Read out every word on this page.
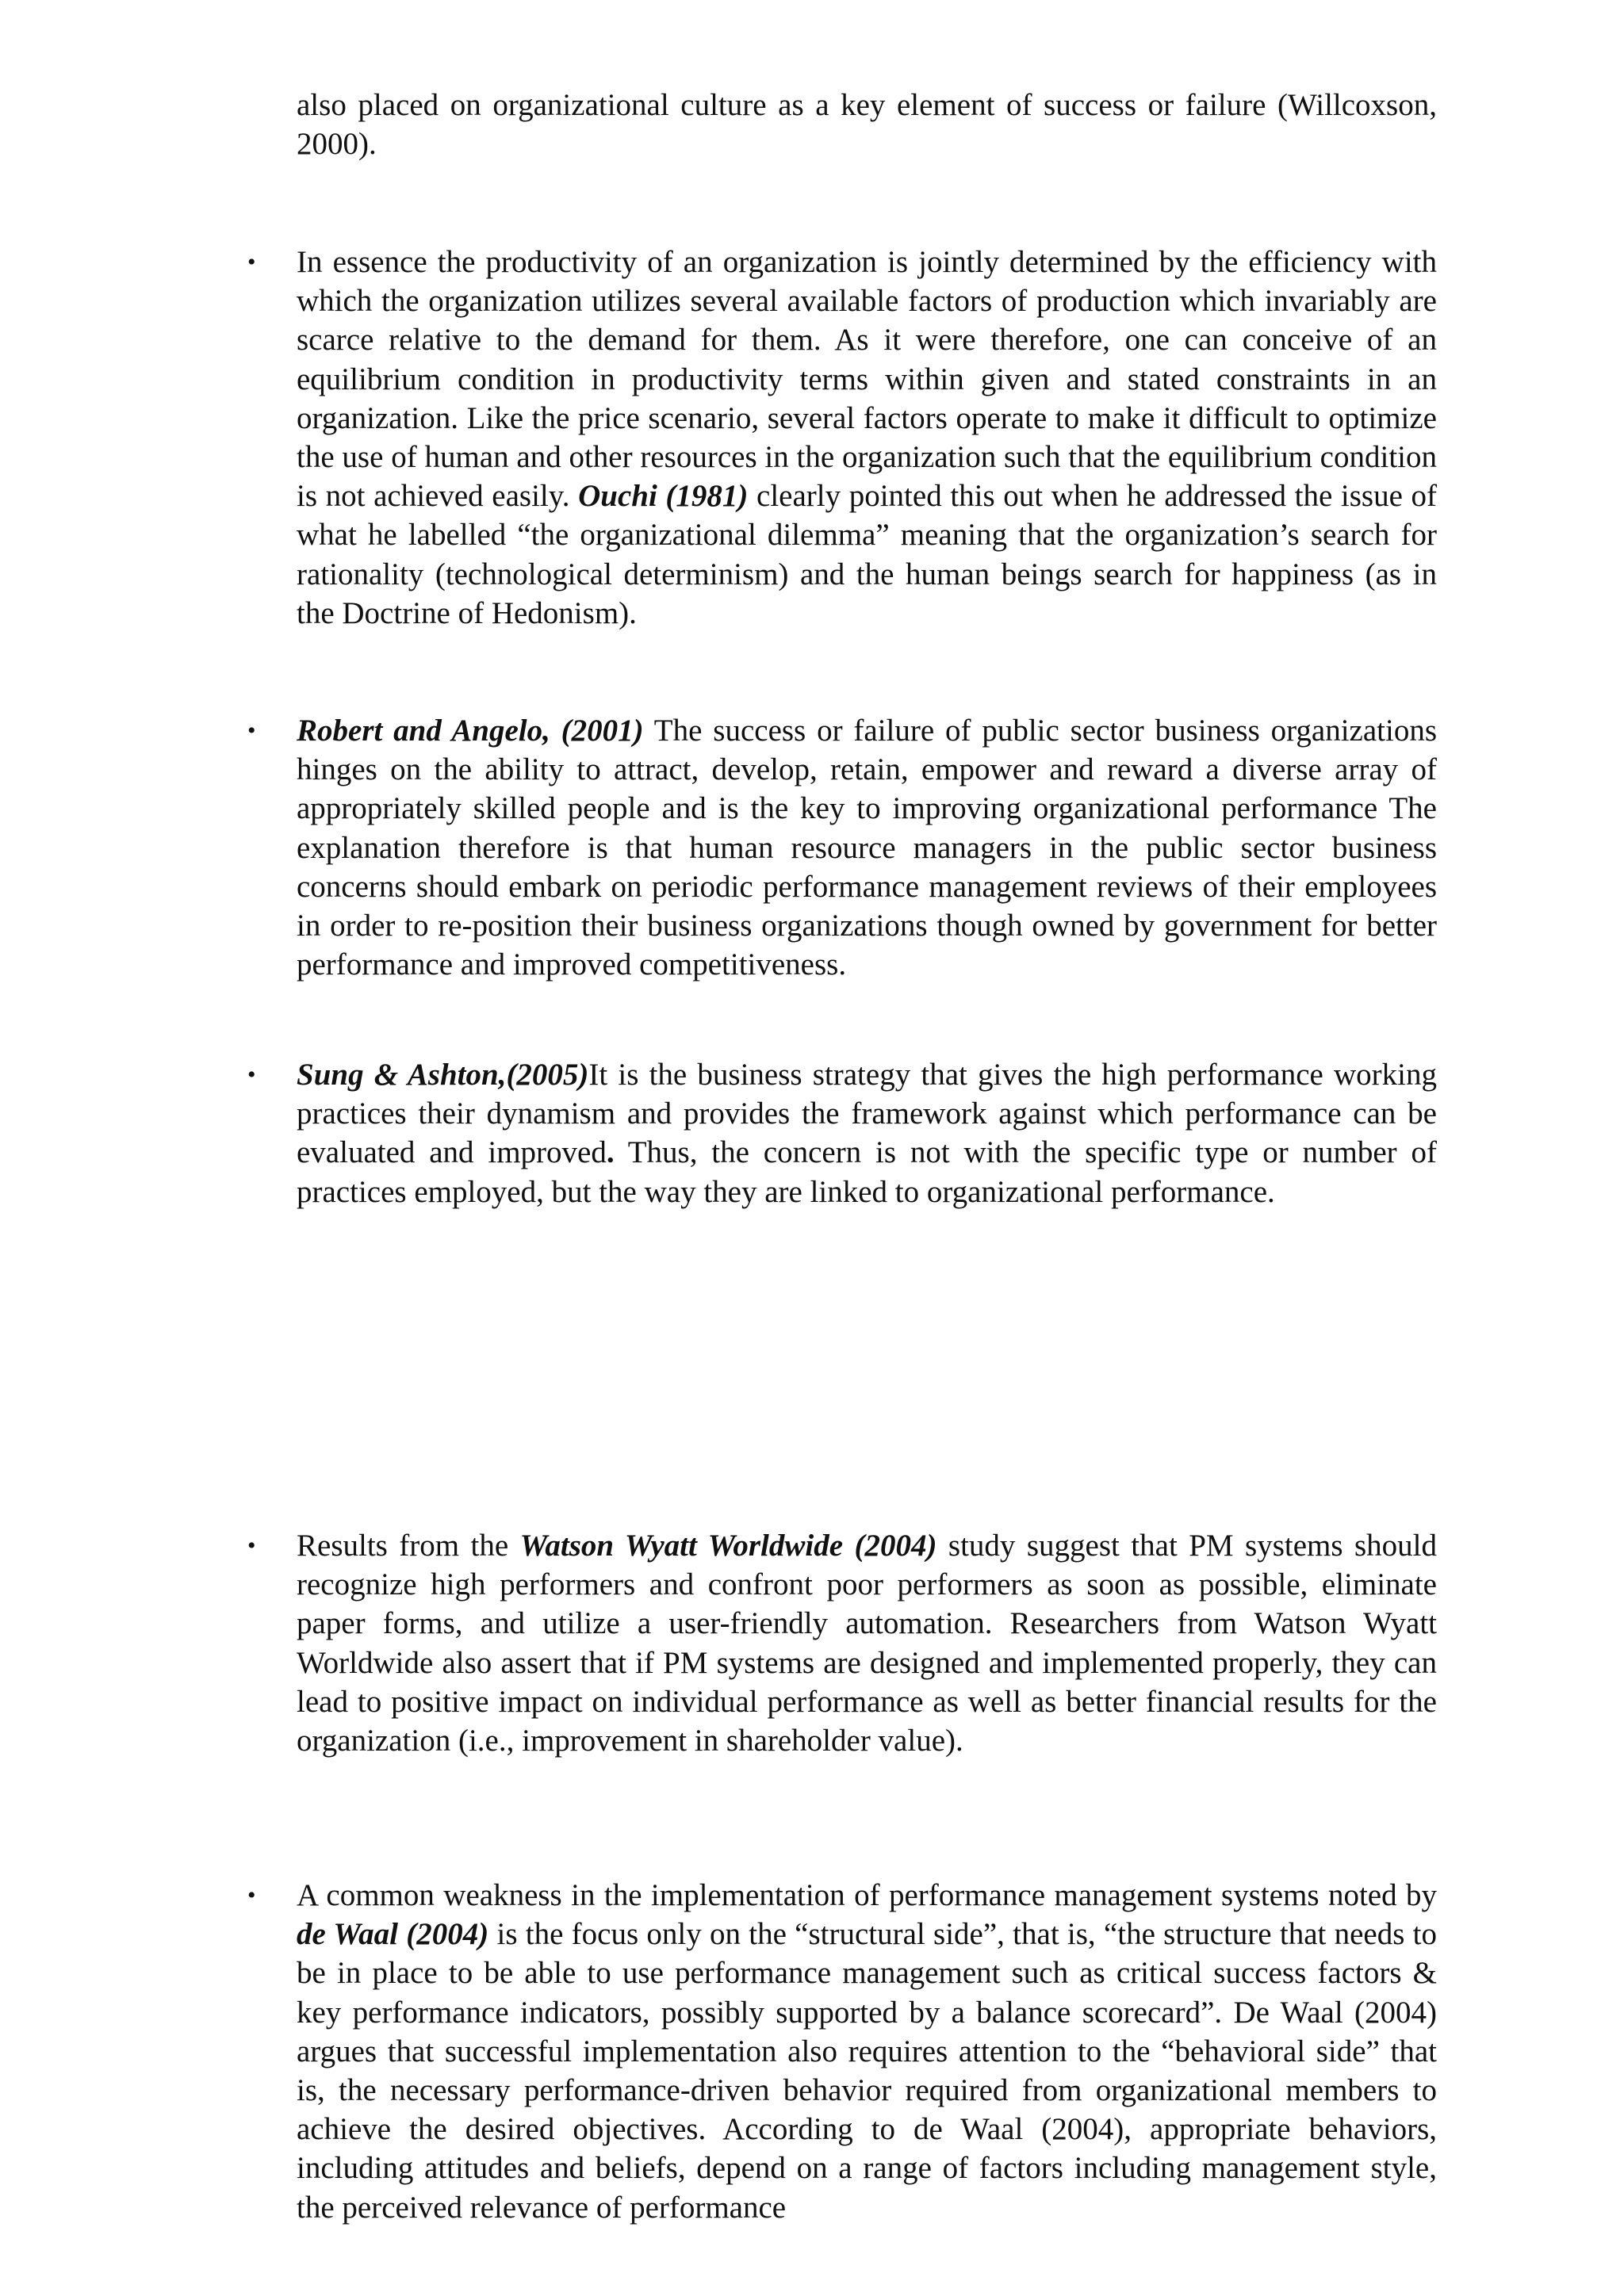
also placed on organizational culture as a key element of success or failure (Willcoxson, 2000).

• In essence the productivity of an organization is jointly determined by the efficiency with which the organization utilizes several available factors of production which invariably are scarce relative to the demand for them. As it were therefore, one can conceive of an equilibrium condition in productivity terms within given and stated constraints in an organization. Like the price scenario, several factors operate to make it difficult to optimize the use of human and other resources in the organization such that the equilibrium condition is not achieved easily. Ouchi (1981) clearly pointed this out when he addressed the issue of what he labelled “the organizational dilemma” meaning that the organization’s search for rationality (technological determinism) and the human beings search for happiness (as in the Doctrine of Hedonism).

• Robert and Angelo, (2001) The success or failure of public sector business organizations hinges on the ability to attract, develop, retain, empower and reward a diverse array of appropriately skilled people and is the key to improving organizational performance The explanation therefore is that human resource managers in the public sector business concerns should embark on periodic performance management reviews of their employees in order to re-position their business organizations though owned by government for better performance and improved competitiveness.

• Sung & Ashton,(2005)It is the business strategy that gives the high performance working practices their dynamism and provides the framework against which performance can be evaluated and improved. Thus, the concern is not with the specific type or number of practices employed, but the way they are linked to organizational performance.

• Results from the Watson Wyatt Worldwide (2004) study suggest that PM systems should recognize high performers and confront poor performers as soon as possible, eliminate paper forms, and utilize a user-friendly automation. Researchers from Watson Wyatt Worldwide also assert that if PM systems are designed and implemented properly, they can lead to positive impact on individual performance as well as better financial results for the organization (i.e., improvement in shareholder value).

• A common weakness in the implementation of performance management systems noted by de Waal (2004) is the focus only on the “structural side”, that is, “the structure that needs to be in place to be able to use performance management such as critical success factors & key performance indicators, possibly supported by a balance scorecard”. De Waal (2004) argues that successful implementation also requires attention to the “behavioral side” that is, the necessary performance-driven behavior required from organizational members to achieve the desired objectives. According to de Waal (2004), appropriate behaviors, including attitudes and beliefs, depend on a range of factors including management style, the perceived relevance of performance
